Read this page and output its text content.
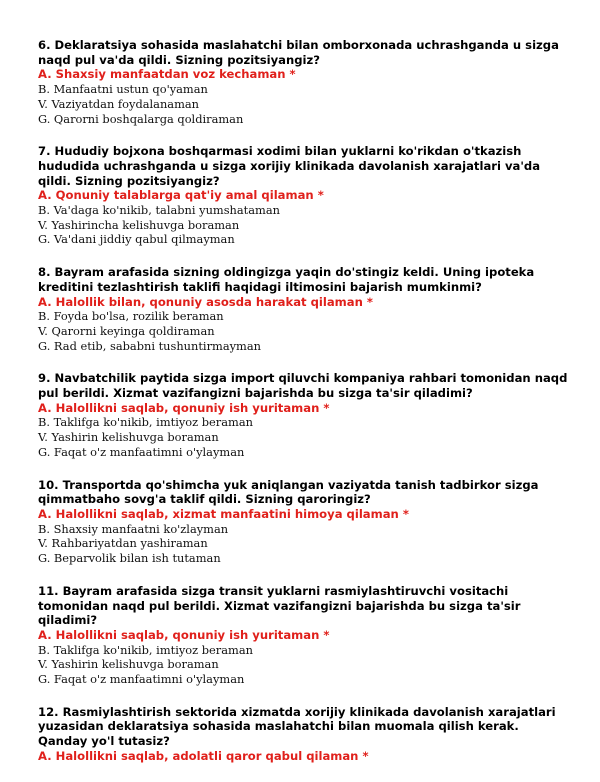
6. Deklaratsiya sohasida maslahatchi bilan omborxonada uchrashganda u sizga naqd pul va'da qildi. Sizning pozitsiyangiz?

A. Shaxsiy manfaatdan voz kechaman *

B. Manfaatni ustun qo'yaman

V. Vaziyatdan foydalanaman

G. Qarorni boshqalarga qoldiraman

7. Hududiy bojxona boshqarmasi xodimi bilan yuklarni ko'rikdan o'tkazish hududida uchrashganda u sizga xorijiy klinikada davolanish xarajatlari va'da qildi. Sizning pozitsiyangiz?

A. Qonuniy talablarga qat'iy amal qilaman *

B. Va'daga ko'nikib, talabni yumshataman

V. Yashirincha kelishuvga boraman

G. Va'dani jiddiy qabul qilmayman

8. Bayram arafasida sizning oldingizga yaqin do'stingiz keldi. Uning ipoteka kreditini tezlashtirish taklifi haqidagi iltimosini bajarish mumkinmi?

A. Halollik bilan, qonuniy asosda harakat qilaman *

B. Foyda bo'lsa, rozilik beraman

V. Qarorni keyinga qoldiraman

G. Rad etib, sababni tushuntirmayman

9. Navbatchilik paytida sizga import qiluvchi kompaniya rahbari tomonidan naqd pul berildi. Xizmat vazifangizni bajarishda bu sizga ta'sir qiladimi?

A. Halollikni saqlab, qonuniy ish yuritaman *

B. Taklifga ko'nikib, imtiyoz beraman

V. Yashirin kelishuvga boraman

G. Faqat o'z manfaatimni o'ylayman

10. Transportda qo'shimcha yuk aniqlangan vaziyatda tanish tadbirkor sizga qimmatbaho sovg'a taklif qildi. Sizning qaroringiz?

A. Halollikni saqlab, xizmat manfaatini himoya qilaman *

B. Shaxsiy manfaatni ko'zlayman

V. Rahbariyatdan yashiraman

G. Beparvolik bilan ish tutaman

11. Bayram arafasida sizga transit yuklarni rasmiylashtiruvchi vositachi tomonidan naqd pul berildi. Xizmat vazifangizni bajarishda bu sizga ta'sir qiladimi?

A. Halollikni saqlab, qonuniy ish yuritaman *

B. Taklifga ko'nikib, imtiyoz beraman

V. Yashirin kelishuvga boraman

G. Faqat o'z manfaatimni o'ylayman

12. Rasmiylashtirish sektorida xizmatda xorijiy klinikada davolanish xarajatlari yuzasidan deklaratsiya sohasida maslahatchi bilan muomala qilish kerak. Qanday yo'l tutasiz?

A. Halollikni saqlab, adolatli qaror qabul qilaman *
